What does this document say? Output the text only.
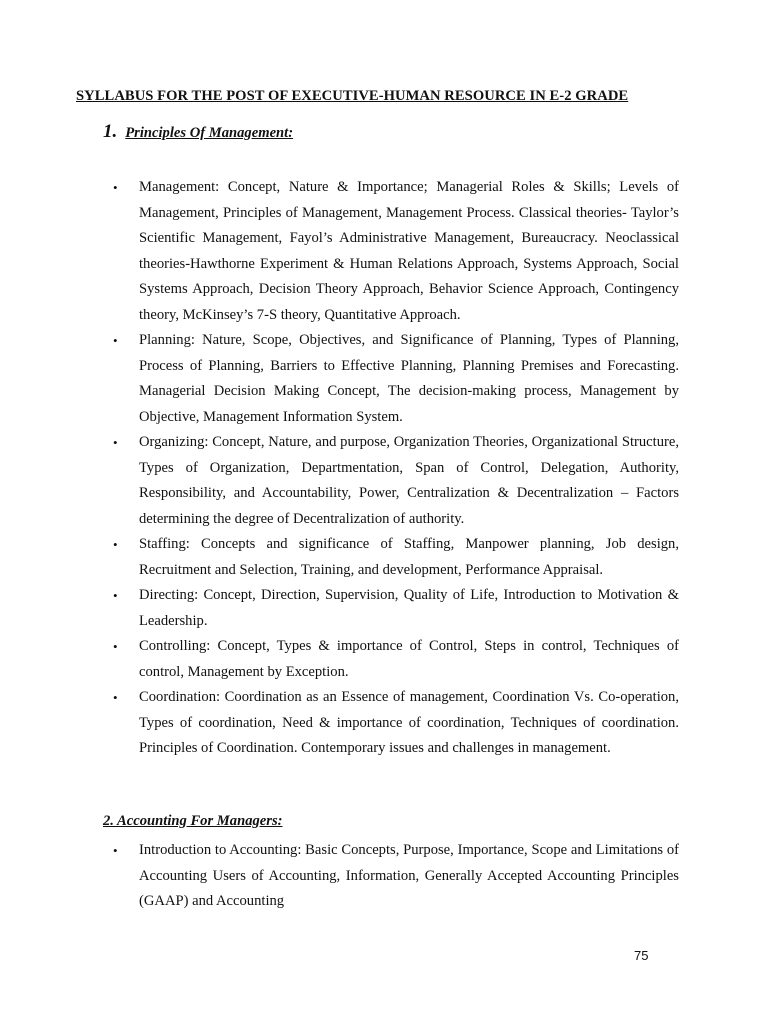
SYLLABUS FOR THE POST OF EXECUTIVE-HUMAN RESOURCE IN E-2 GRADE
1. Principles Of Management:
• Management: Concept, Nature & Importance; Managerial Roles & Skills; Levels of Management, Principles of Management, Management Process. Classical theories- Taylor’s Scientific Management, Fayol’s Administrative Management, Bureaucracy. Neoclassical theories-Hawthorne Experiment & Human Relations Approach, Systems Approach, Social Systems Approach, Decision Theory Approach, Behavior Science Approach, Contingency theory, McKinsey’s 7-S theory, Quantitative Approach.
• Planning: Nature, Scope, Objectives, and Significance of Planning, Types of Planning, Process of Planning, Barriers to Effective Planning, Planning Premises and Forecasting. Managerial Decision Making Concept, The decision-making process, Management by Objective, Management Information System.
• Organizing: Concept, Nature, and purpose, Organization Theories, Organizational Structure, Types of Organization, Departmentation, Span of Control, Delegation, Authority, Responsibility, and Accountability, Power, Centralization & Decentralization – Factors determining the degree of Decentralization of authority.
• Staffing: Concepts and significance of Staffing, Manpower planning, Job design, Recruitment and Selection, Training, and development, Performance Appraisal.
• Directing: Concept, Direction, Supervision, Quality of Life, Introduction to Motivation & Leadership.
• Controlling: Concept, Types & importance of Control, Steps in control, Techniques of control, Management by Exception.
• Coordination: Coordination as an Essence of management, Coordination Vs. Co-operation, Types of coordination, Need & importance of coordination, Techniques of coordination. Principles of Coordination. Contemporary issues and challenges in management.
2. Accounting For Managers:
• Introduction to Accounting: Basic Concepts, Purpose, Importance, Scope and Limitations of Accounting Users of Accounting, Information, Generally Accepted Accounting Principles (GAAP) and Accounting
75
